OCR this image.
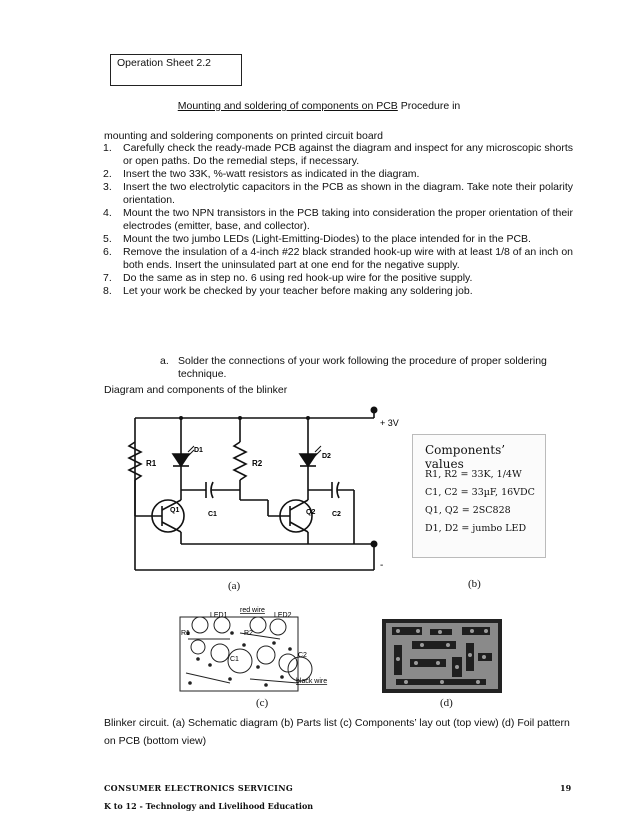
Operation Sheet 2.2
Mounting and soldering of components on PCB Procedure in
mounting and soldering components on printed circuit board
1.	Carefully check the ready-made PCB against the diagram and inspect for any microscopic shorts or open paths. Do the remedial steps, if necessary.
2.	Insert the two 33K, %-watt resistors as indicated in the diagram.
3.	Insert the two electrolytic capacitors in the PCB as shown in the diagram. Take note their polarity orientation.
4.	Mount the two NPN transistors in the PCB taking into consideration the proper orientation of their electrodes (emitter, base, and collector).
5.	Mount the two jumbo LEDs (Light-Emitting-Diodes) to the place intended for in the PCB.
6.	Remove the insulation of a 4-inch #22 black stranded hook-up wire with at least 1/8 of an inch on both ends. Insert the uninsulated part at one end for the negative supply.
7.	Do the same as in step no. 6 using red hook-up wire for the positive supply.
8.	Let your work be checked by your teacher before making any soldering job.
a. Solder the connections of your work following the procedure of proper soldering technique.
Diagram and components of the blinker
+ 3V
R1
D1
R2
D2
C1	C2
Q1	Q2
-
Components’ values
R1, R2 = 33K, 1/4W
C1, C2 = 33µF, 16VDC
Q1, Q2 = 2SC828
D1, D2 = jumbo LED
(a)	(b)
LED1
red wire
LED2
R1	R2
C1
C2
black wire
(c)	(d)
Blinker circuit. (a) Schematic diagram (b) Parts list (c) Components’ lay out (top view) (d) Foil pattern on PCB (bottom view)
CONSUMER ELECTRONICS SERVICING	19
K to 12 - Technology and Livelihood Education
